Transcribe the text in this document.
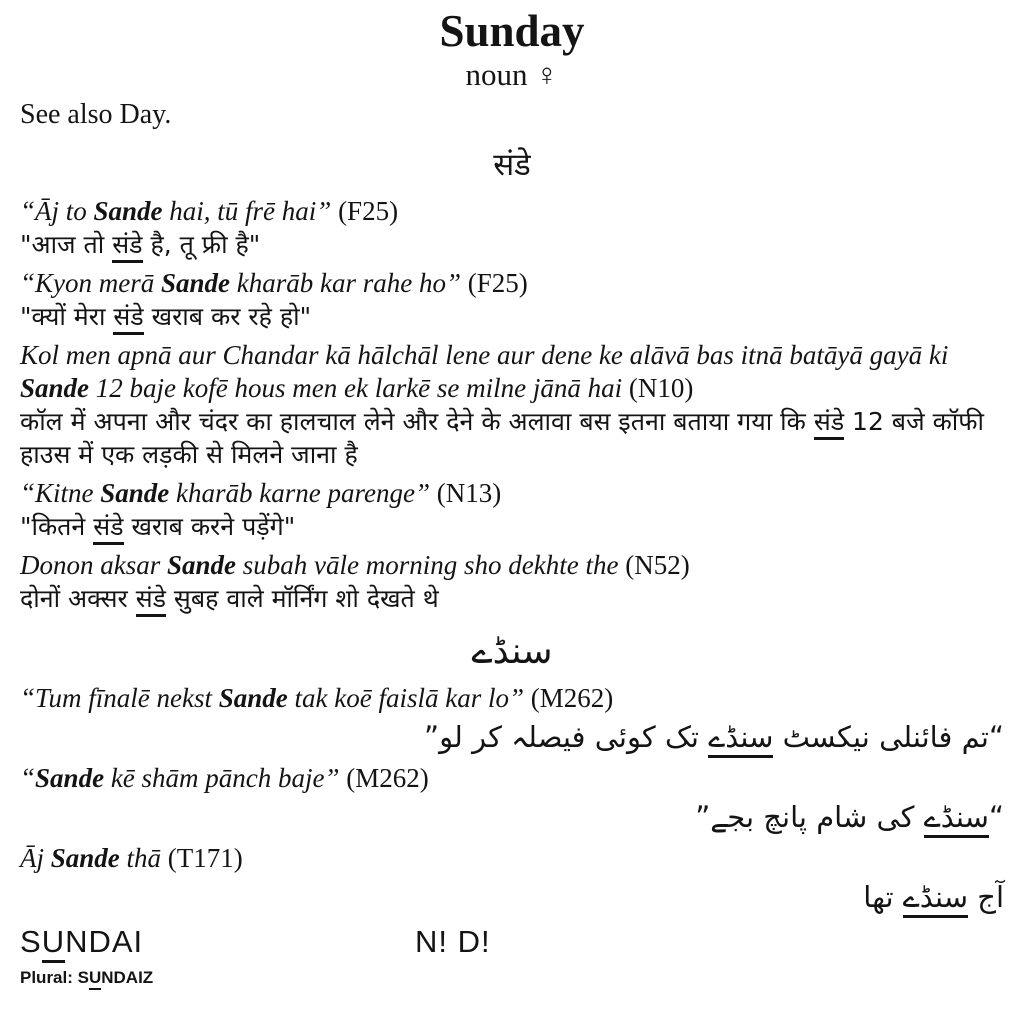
Sunday

noun ♀

See also Day.

संडे

“Āj to Sande hai, tū frē hai” (F25)

"आज तो संडे है, तू फ्री है"

“Kyon merā Sande kharāb kar rahe ho” (F25)

"क्यों मेरा संडे खराब कर रहे हो"

Kol men apnā aur Chandar kā hālchāl lene aur dene ke alāvā bas itnā batāyā gayā ki Sande 12 baje kofē hous men ek larkē se milne jānā hai (N10)

कॉल में अपना और चंदर का हालचाल लेने और देने के अलावा बस इतना बताया गया कि संडे 12 बजे कॉफी हाउस में एक लड़की से मिलने जाना है

“Kitne Sande kharāb karne parenge” (N13)

"कितने संडे खराब करने पड़ेंगे"

Donon aksar Sande subah vāle morning sho dekhte the (N52)

दोनों अक्सर संडे सुबह वाले मॉर्निंग शो देखते थे

سنڈے

“Tum fīnalē nekst Sande tak koē faislā kar lo” (M262)

“تم فائنلی نیکسٹ سنڈے تک کوئی فیصلہ کر لو”

“Sande kē shām pānch baje” (M262)

“سنڈے کی شام پانچ بجے”

Āj Sande thā (T171)

آج سنڈے تھا

SUNDAI	N! D!

Plural: SUNDAIZ
